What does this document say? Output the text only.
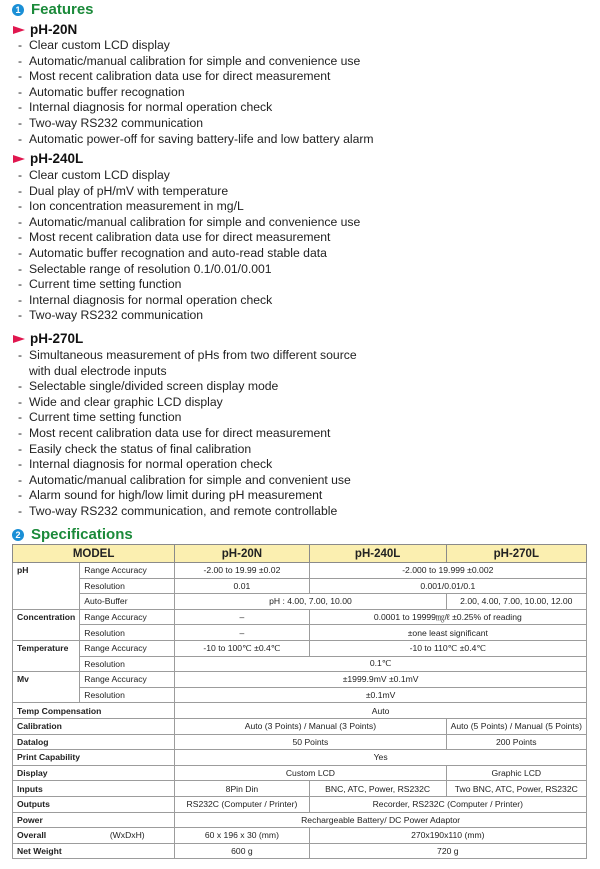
1 Features
pH-20N
- Clear custom LCD display
- Automatic/manual calibration for simple and convenience use
- Most recent calibration data use for direct measurement
- Automatic buffer recognation
- Internal diagnosis for normal operation check
- Two-way RS232 communication
- Automatic power-off for saving battery-life and low battery alarm
pH-240L
- Clear custom LCD display
- Dual play of pH/mV with temperature
- Ion concentration measurement in mg/L
- Automatic/manual calibration for simple and convenience use
- Most recent calibration data use for direct measurement
- Automatic buffer recognation and auto-read stable data
- Selectable range of resolution 0.1/0.01/0.001
- Current time setting function
- Internal diagnosis for normal operation check
- Two-way RS232 communication
pH-270L
- Simultaneous measurement of pHs from two different source
with dual electrode inputs
- Selectable single/divided screen display mode
- Wide and clear graphic LCD display
- Current time setting function
- Most recent calibration data use for direct measurement
- Easily check the status of final calibration
- Internal diagnosis for normal operation check
- Automatic/manual calibration for simple and convenient use
- Alarm sound for high/low limit during pH measurement
- Two-way RS232 communication, and remote controllable
2 Specifications
MODEL		pH-20N	pH-240L	pH-270L
pH	Range Accuracy	-2.00 to 19.99 ±0.02	-2.000 to 19.999 ±0.002	
	Resolution	0.01	0.001/0.01/0.1	
	Auto-Buffer	pH : 4.00, 7.00, 10.00		2.00, 4.00, 7.00, 10.00, 12.00
Concentration	Range Accuracy	–	0.0001 to 19999㎎/ℓ ±0.25% of reading	
	Resolution	–	±one least significant	
Temperature	Range Accuracy	-10 to 100℃ ±0.4℃	-10 to 110℃ ±0.4℃	
	Resolution	0.1℃		
Mv	Range Accuracy	±1999.9mV ±0.1mV		
	Resolution	±0.1mV		
Temp Compensation		Auto		
Calibration		Auto (3 Points) / Manual (3 Points)		Auto (5 Points) / Manual (5 Points)
Datalog		50 Points		200 Points
Print Capability		Yes		
Display		Custom LCD		Graphic LCD
Inputs		8Pin Din	BNC, ATC, Power, RS232C	Two BNC, ATC, Power, RS232C
Outputs		RS232C (Computer / Printer)	Recorder, RS232C (Computer / Printer)	
Power		Rechargeable Battery/ DC Power Adaptor		
Overall	(WxDxH)	60 x 196 x 30 (mm)	270x190x110 (mm)	
Net Weight		600 g	720 g	
